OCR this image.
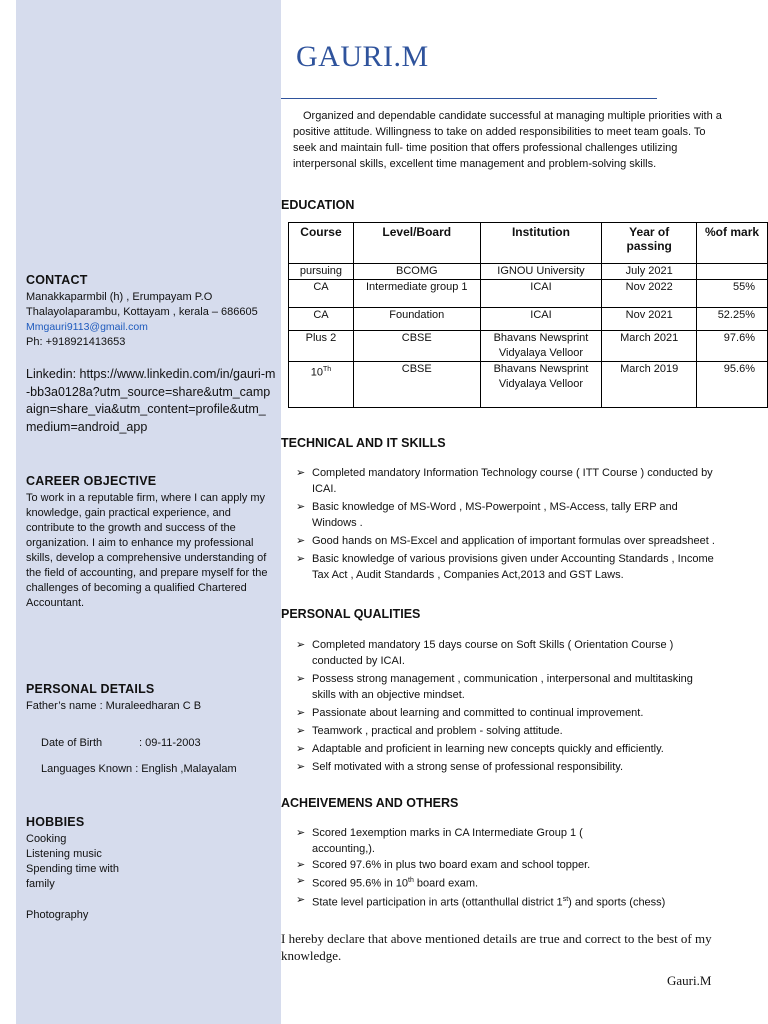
CONTACT
Manakkaparmbil (h) , Erumpayam P.O
Thalayolaparambu, Kottayam , kerala – 686605
Mmgauri9113@gmail.com
Ph: +918921413653
Linkedin: https://www.linkedin.com/in/gauri-m-bb3a0128a?utm_source=share&utm_campaign=share_via&utm_content=profile&utm_medium=android_app
CAREER OBJECTIVE
To work in a reputable firm, where I can apply my knowledge, gain practical experience, and contribute to the growth and success of the organization. I aim to enhance my professional skills, develop a comprehensive understanding of the field of accounting, and prepare myself for the challenges of becoming a qualified Chartered Accountant.
PERSONAL DETAILS
Father’s name : Muraleedharan C B
Date of Birth	: 09-11-2003
Languages Known : English ,Malayalam
HOBBIES
Cooking
Listening music
Spending time with family
Photography
GAURI.M
Organized and dependable candidate successful at managing multiple priorities with a positive attitude. Willingness to take on added responsibilities to meet team goals. To seek and maintain full- time position that offers professional challenges utilizing interpersonal skills, excellent time management and problem-solving skills.
EDUCATION
Course	Level/Board	Institution	Year of passing	%of mark
pursuing	BCOMG	IGNOU University	July 2021	
CA	Intermediate group 1	ICAI	Nov 2022	55%
CA	Foundation	ICAI	Nov 2021	52.25%
Plus 2	CBSE	Bhavans Newsprint Vidyalaya Velloor	March 2021	97.6%
10Th	CBSE	Bhavans Newsprint Vidyalaya Velloor	March 2019	95.6%
TECHNICAL AND IT SKILLS
➢ Completed mandatory Information Technology course ( ITT Course ) conducted by ICAI.
➢ Basic knowledge of MS-Word , MS-Powerpoint , MS-Access, tally ERP and Windows .
➢ Good hands on MS-Excel and application of important formulas over spreadsheet .
➢ Basic knowledge of various provisions given under Accounting Standards , Income Tax Act , Audit Standards , Companies Act,2013 and GST Laws.
PERSONAL QUALITIES
➢ Completed mandatory 15 days course on Soft Skills ( Orientation Course ) conducted by ICAI.
➢ Possess strong management , communication , interpersonal and multitasking skills with an objective mindset.
➢ Passionate about learning and committed to continual improvement.
➢ Teamwork , practical and problem - solving attitude.
➢ Adaptable and proficient in learning new concepts quickly and efficiently.
➢ Self motivated with a strong sense of professional responsibility.
ACHEIVEMENS AND OTHERS
➢ Scored 1exemption marks in CA Intermediate Group 1 ( accounting,).
➢ Scored 97.6% in plus two board exam and school topper.
➢ Scored 95.6% in 10th board exam.
➢ State level participation in arts (ottanthullal district 1st) and sports (chess)
I hereby declare that above mentioned details are true and correct to the best of my knowledge.
Gauri.M
